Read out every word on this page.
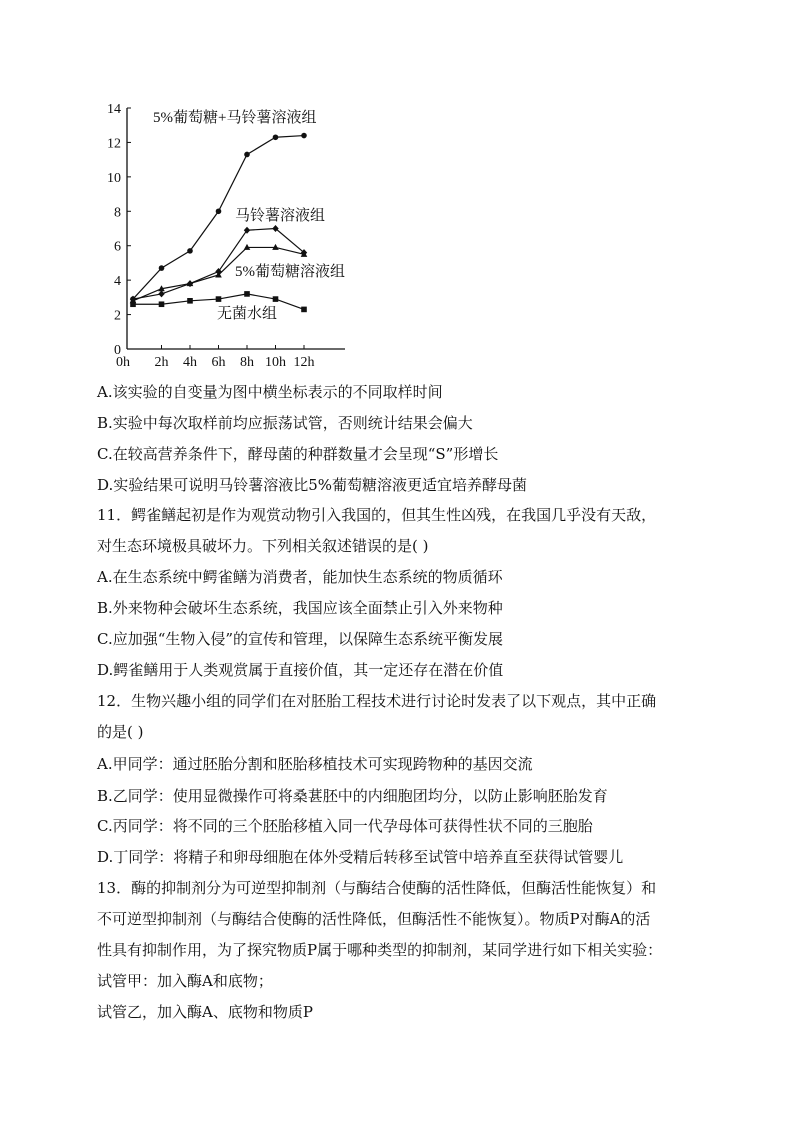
0
2
4
6
8
10
12
14
0h 2h 4h 6h 8h 10h 12h
5%葡萄糖+马铃薯溶液组
马铃薯溶液组
5%葡萄糖溶液组
无菌水组
A.该实验的自变量为图中横坐标表示的不同取样时间
B.实验中每次取样前均应振荡试管，否则统计结果会偏大
C.在较高营养条件下，酵母菌的种群数量才会呈现“S”形增长
D.实验结果可说明马铃薯溶液比5%葡萄糖溶液更适宜培养酵母菌
11．鳄雀鳝起初是作为观赏动物引入我国的，但其生性凶残，在我国几乎没有天敌，
对生态环境极具破坏力。下列相关叙述错误的是( )
A.在生态系统中鳄雀鳝为消费者，能加快生态系统的物质循环
B.外来物种会破坏生态系统，我国应该全面禁止引入外来物种
C.应加强“生物入侵”的宣传和管理，以保障生态系统平衡发展
D.鳄雀鳝用于人类观赏属于直接价值，其一定还存在潜在价值
12．生物兴趣小组的同学们在对胚胎工程技术进行讨论时发表了以下观点，其中正确
的是( )
A.甲同学：通过胚胎分割和胚胎移植技术可实现跨物种的基因交流
B.乙同学：使用显微操作可将桑葚胚中的内细胞团均分，以防止影响胚胎发育
C.丙同学：将不同的三个胚胎移植入同一代孕母体可获得性状不同的三胞胎
D.丁同学：将精子和卵母细胞在体外受精后转移至试管中培养直至获得试管婴儿
13．酶的抑制剂分为可逆型抑制剂（与酶结合使酶的活性降低，但酶活性能恢复）和
不可逆型抑制剂（与酶结合使酶的活性降低，但酶活性不能恢复）。物质P对酶A的活
性具有抑制作用，为了探究物质P属于哪种类型的抑制剂，某同学进行如下相关实验：
试管甲：加入酶A和底物；
试管乙，加入酶A、底物和物质P
